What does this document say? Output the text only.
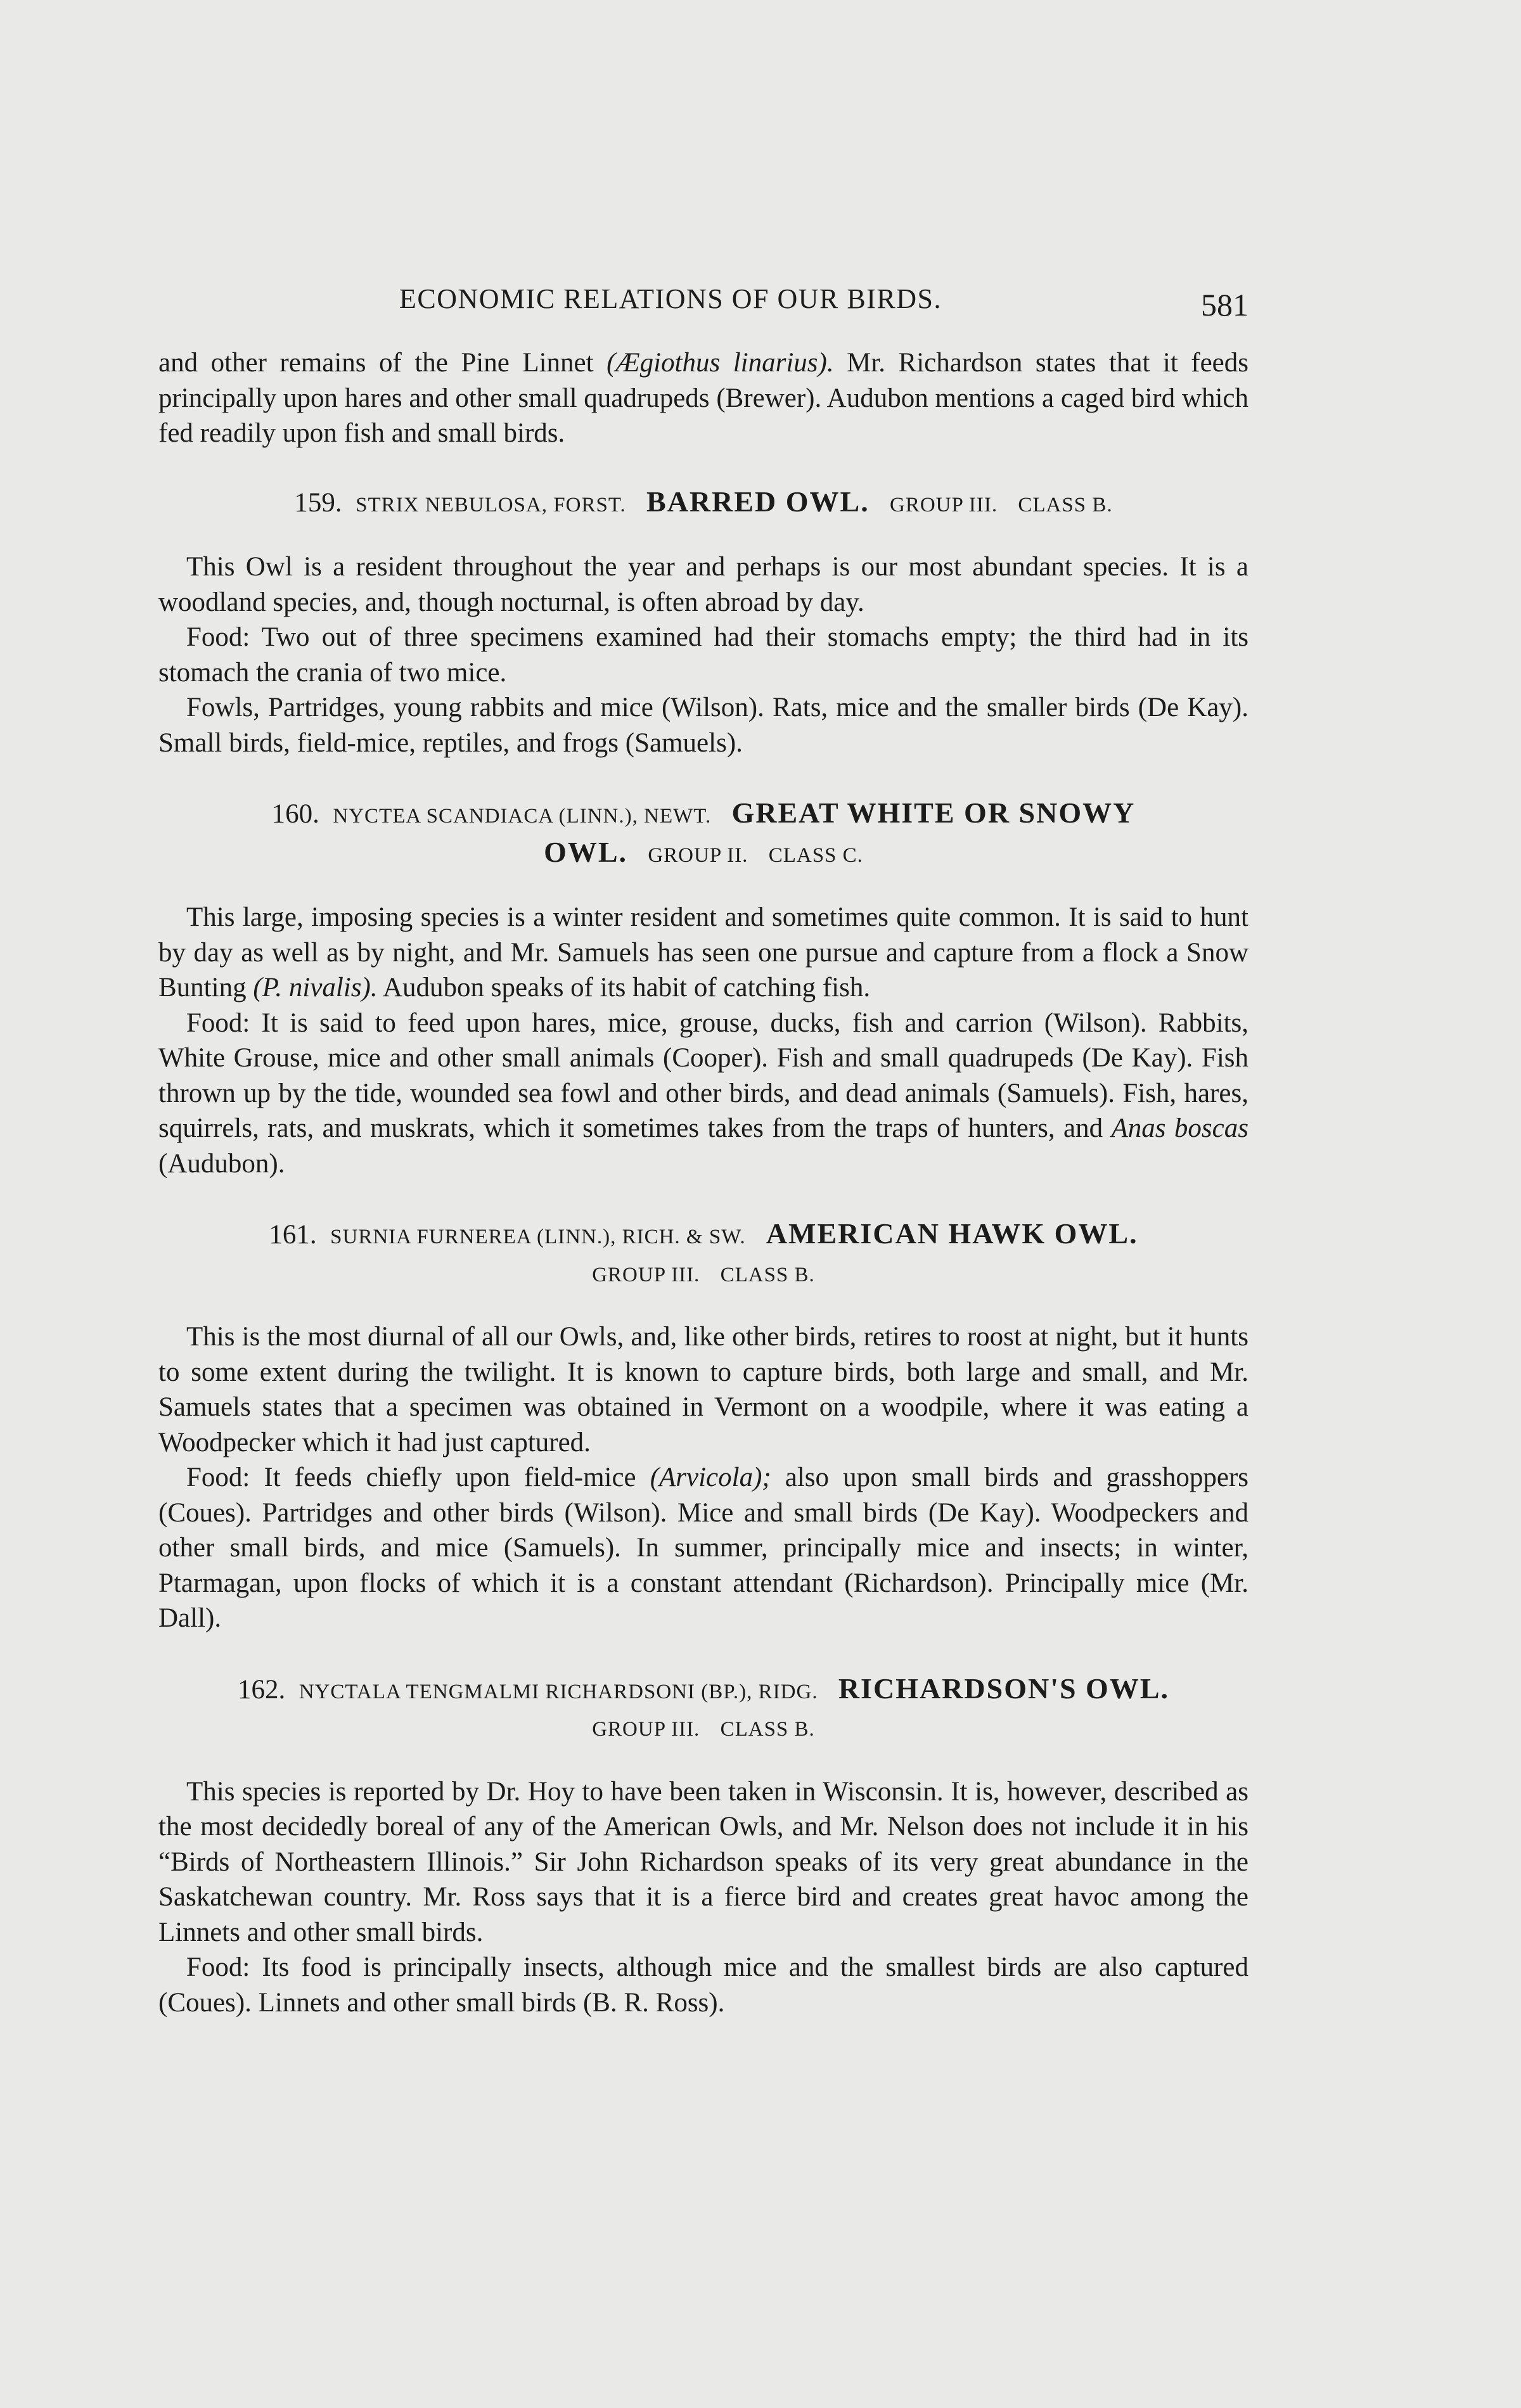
ECONOMIC RELATIONS OF OUR BIRDS.	581

and other remains of the Pine Linnet (Ægiothus linarius). Mr. Richardson states that it feeds principally upon hares and other small quadrupeds (Brewer). Audubon mentions a caged bird which fed readily upon fish and small birds.

159. STRIX NEBULOSA, FORST. BARRED OWL. GROUP III. CLASS B.

This Owl is a resident throughout the year and perhaps is our most abundant species. It is a woodland species, and, though nocturnal, is often abroad by day.

Food: Two out of three specimens examined had their stomachs empty; the third had in its stomach the crania of two mice.

Fowls, Partridges, young rabbits and mice (Wilson). Rats, mice and the smaller birds (De Kay). Small birds, field-mice, reptiles, and frogs (Samuels).

160. NYCTEA SCANDIACA (LINN.), NEWT. GREAT WHITE OR SNOWY
OWL. GROUP II. CLASS C.

This large, imposing species is a winter resident and sometimes quite common. It is said to hunt by day as well as by night, and Mr. Samuels has seen one pursue and capture from a flock a Snow Bunting (P. nivalis). Audubon speaks of its habit of catching fish.

Food: It is said to feed upon hares, mice, grouse, ducks, fish and carrion (Wilson). Rabbits, White Grouse, mice and other small animals (Cooper). Fish and small quadrupeds (De Kay). Fish thrown up by the tide, wounded sea fowl and other birds, and dead animals (Samuels). Fish, hares, squirrels, rats, and muskrats, which it sometimes takes from the traps of hunters, and Anas boscas (Audubon).

161. SURNIA FURNEREA (LINN.), RICH. & SW. AMERICAN HAWK OWL.
GROUP III. CLASS B.

This is the most diurnal of all our Owls, and, like other birds, retires to roost at night, but it hunts to some extent during the twilight. It is known to capture birds, both large and small, and Mr. Samuels states that a specimen was obtained in Vermont on a woodpile, where it was eating a Woodpecker which it had just captured.

Food: It feeds chiefly upon field-mice (Arvicola); also upon small birds and grasshoppers (Coues). Partridges and other birds (Wilson). Mice and small birds (De Kay). Woodpeckers and other small birds, and mice (Samuels). In summer, principally mice and insects; in winter, Ptarmagan, upon flocks of which it is a constant attendant (Richardson). Principally mice (Mr. Dall).

162. NYCTALA TENGMALMI RICHARDSONI (BP.), RIDG. RICHARDSON'S OWL.
GROUP III. CLASS B.

This species is reported by Dr. Hoy to have been taken in Wisconsin. It is, however, described as the most decidedly boreal of any of the American Owls, and Mr. Nelson does not include it in his “Birds of Northeastern Illinois.” Sir John Richardson speaks of its very great abundance in the Saskatchewan country. Mr. Ross says that it is a fierce bird and creates great havoc among the Linnets and other small birds.

Food: Its food is principally insects, although mice and the smallest birds are also captured (Coues). Linnets and other small birds (B. R. Ross).
